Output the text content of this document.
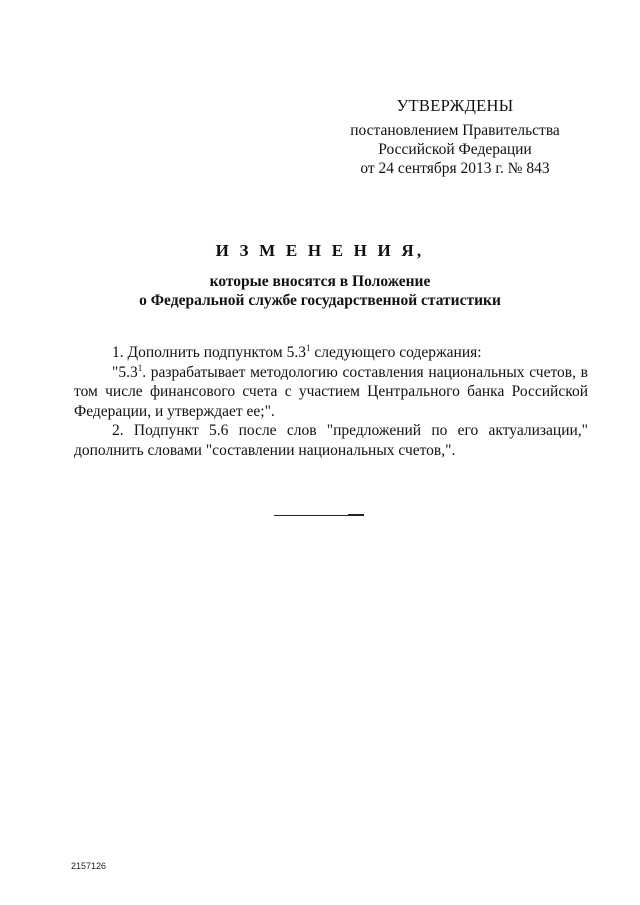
УТВЕРЖДЕНЫ
постановлением Правительства
Российской Федерации
от 24 сентября 2013 г. № 843
И З М Е Н Е Н И Я,
которые вносятся в Положение
о Федеральной службе государственной статистики

1. Дополнить подпунктом $5.3^1$ следующего содержания:

"$5.3^1$. разрабатывает методологию составления национальных счетов, в том числе финансового счета с участием Центрального банка Российской Федерации, и утверждает ее;".

2. Подпункт 5.6 после слов "предложений по его актуализации," дополнить словами "составлении национальных счетов,".

2157126
